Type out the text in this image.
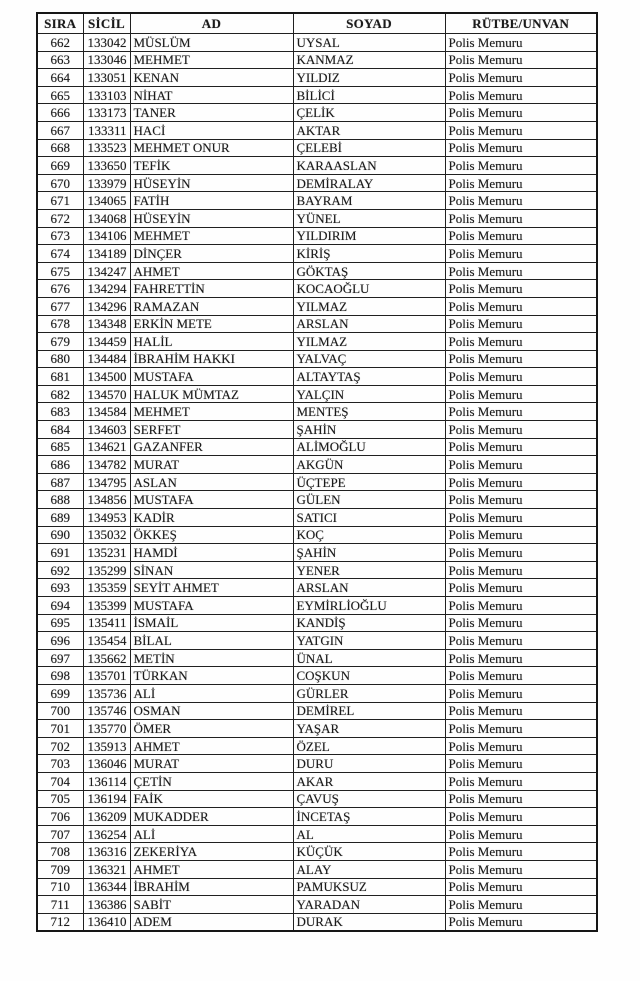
SIRA	SİCİL	AD	SOYAD	RÜTBE/UNVAN
662	133042	MÜSLÜM	UYSAL	Polis Memuru
663	133046	MEHMET	KANMAZ	Polis Memuru
664	133051	KENAN	YILDIZ	Polis Memuru
665	133103	NİHAT	BİLİCİ	Polis Memuru
666	133173	TANER	ÇELİK	Polis Memuru
667	133311	HACİ	AKTAR	Polis Memuru
668	133523	MEHMET ONUR	ÇELEBİ	Polis Memuru
669	133650	TEFİK	KARAASLAN	Polis Memuru
670	133979	HÜSEYİN	DEMİRALAY	Polis Memuru
671	134065	FATİH	BAYRAM	Polis Memuru
672	134068	HÜSEYİN	YÜNEL	Polis Memuru
673	134106	MEHMET	YILDIRIM	Polis Memuru
674	134189	DİNÇER	KİRİŞ	Polis Memuru
675	134247	AHMET	GÖKTAŞ	Polis Memuru
676	134294	FAHRETTİN	KOCAOĞLU	Polis Memuru
677	134296	RAMAZAN	YILMAZ	Polis Memuru
678	134348	ERKİN METE	ARSLAN	Polis Memuru
679	134459	HALİL	YILMAZ	Polis Memuru
680	134484	İBRAHİM HAKKI	YALVAÇ	Polis Memuru
681	134500	MUSTAFA	ALTAYTAŞ	Polis Memuru
682	134570	HALUK MÜMTAZ	YALÇIN	Polis Memuru
683	134584	MEHMET	MENTEŞ	Polis Memuru
684	134603	SERFET	ŞAHİN	Polis Memuru
685	134621	GAZANFER	ALİMOĞLU	Polis Memuru
686	134782	MURAT	AKGÜN	Polis Memuru
687	134795	ASLAN	ÜÇTEPE	Polis Memuru
688	134856	MUSTAFA	GÜLEN	Polis Memuru
689	134953	KADİR	SATICI	Polis Memuru
690	135032	ÖKKEŞ	KOÇ	Polis Memuru
691	135231	HAMDİ	ŞAHİN	Polis Memuru
692	135299	SİNAN	YENER	Polis Memuru
693	135359	SEYİT AHMET	ARSLAN	Polis Memuru
694	135399	MUSTAFA	EYMİRLİOĞLU	Polis Memuru
695	135411	İSMAİL	KANDİŞ	Polis Memuru
696	135454	BİLAL	YATGIN	Polis Memuru
697	135662	METİN	ÜNAL	Polis Memuru
698	135701	TÜRKAN	COŞKUN	Polis Memuru
699	135736	ALİ	GÜRLER	Polis Memuru
700	135746	OSMAN	DEMİREL	Polis Memuru
701	135770	ÖMER	YAŞAR	Polis Memuru
702	135913	AHMET	ÖZEL	Polis Memuru
703	136046	MURAT	DURU	Polis Memuru
704	136114	ÇETİN	AKAR	Polis Memuru
705	136194	FAİK	ÇAVUŞ	Polis Memuru
706	136209	MUKADDER	İNCETAŞ	Polis Memuru
707	136254	ALİ	AL	Polis Memuru
708	136316	ZEKERİYA	KÜÇÜK	Polis Memuru
709	136321	AHMET	ALAY	Polis Memuru
710	136344	İBRAHİM	PAMUKSUZ	Polis Memuru
711	136386	SABİT	YARADAN	Polis Memuru
712	136410	ADEM	DURAK	Polis Memuru
